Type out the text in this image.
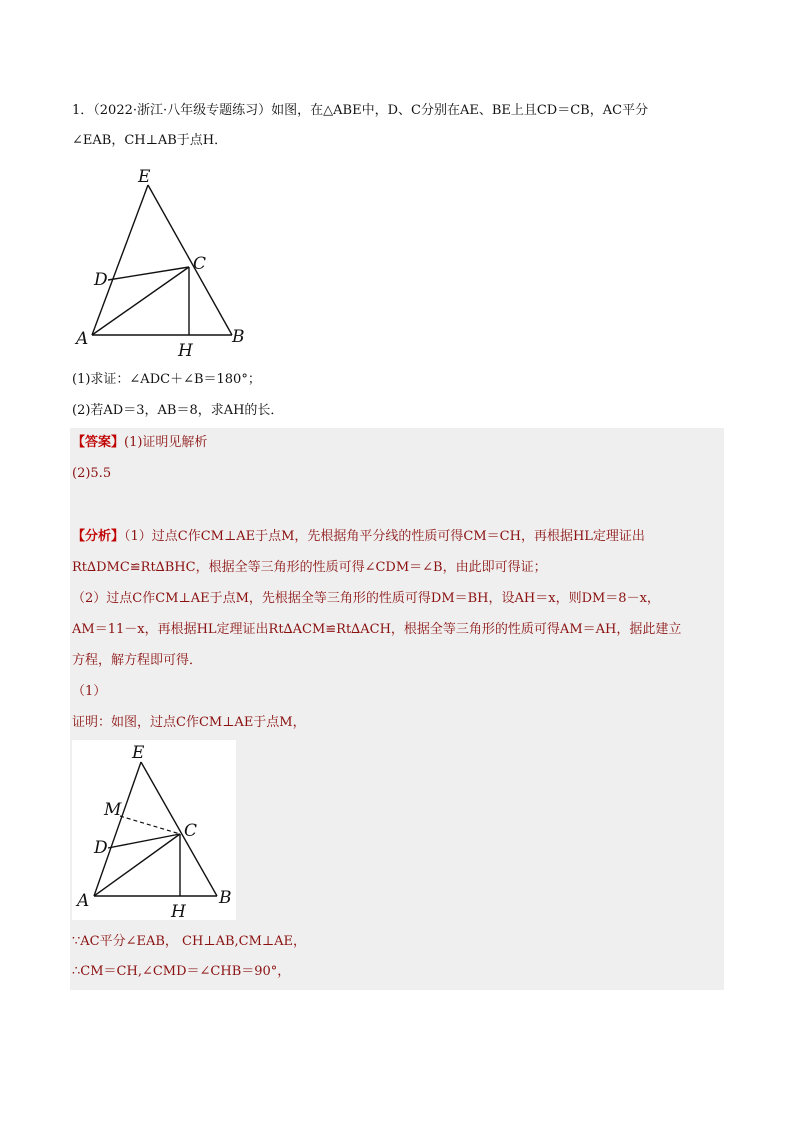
1．（2022·浙江·八年级专题练习）如图，在△ABE中，D、C分别在AE、BE上且CD＝CB，AC平分
∠EAB，CH⊥AB于点H．
E
D
C
A
H
B
(1)求证：∠ADC＋∠B＝180°；
(2)若AD＝3，AB＝8，求AH的长．
【答案】(1)证明见解析
(2)5.5
【分析】（1）过点C作CM⊥AE于点M，先根据角平分线的性质可得CM＝CH，再根据HL定理证出
Rt∆DMC≌Rt∆BHC，根据全等三角形的性质可得∠CDM＝∠B，由此即可得证；
（2）过点C作CM⊥AE于点M，先根据全等三角形的性质可得DM＝BH，设AH＝x，则DM＝8－x，
AM＝11－x，再根据HL定理证出Rt∆ACM≌Rt∆ACH，根据全等三角形的性质可得AM＝AH，据此建立
方程，解方程即可得．
（1）
证明：如图，过点C作CM⊥AE于点M，
E
M
D
C
A
H
B
∵AC平分∠EAB， CH⊥AB,CM⊥AE，
∴CM＝CH,∠CMD＝∠CHB＝90°，
